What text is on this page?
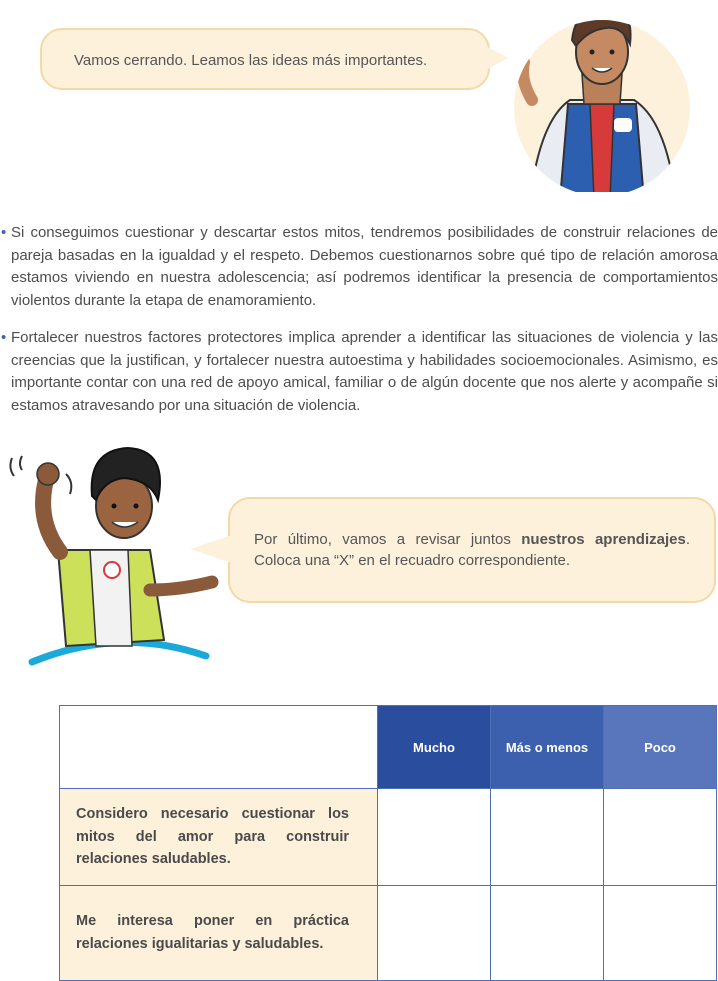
Vamos cerrando. Leamos las ideas más importantes.
• Si conseguimos cuestionar y descartar estos mitos, tendremos posibilidades de construir relaciones de pareja basadas en la igualdad y el respeto. Debemos cuestionarnos sobre qué tipo de relación amorosa estamos viviendo en nuestra adolescencia; así podremos identificar la presencia de comportamientos violentos durante la etapa de enamoramiento.
• Fortalecer nuestros factores protectores implica aprender a identificar las situaciones de violencia y las creencias que la justifican, y fortalecer nuestra autoestima y habilidades socioemocionales. Asimismo, es importante contar con una red de apoyo amical, familiar o de algún docente que nos alerte y acompañe si estamos atravesando por una situación de violencia.
Por último, vamos a revisar juntos nuestros aprendizajes. Coloca una “X” en el recuadro correspondiente.
	Mucho	Más o menos	Poco
Considero necesario cuestionar los mitos del amor para construir relaciones saludables.			
Me interesa poner en práctica relaciones igualitarias y saludables.			
